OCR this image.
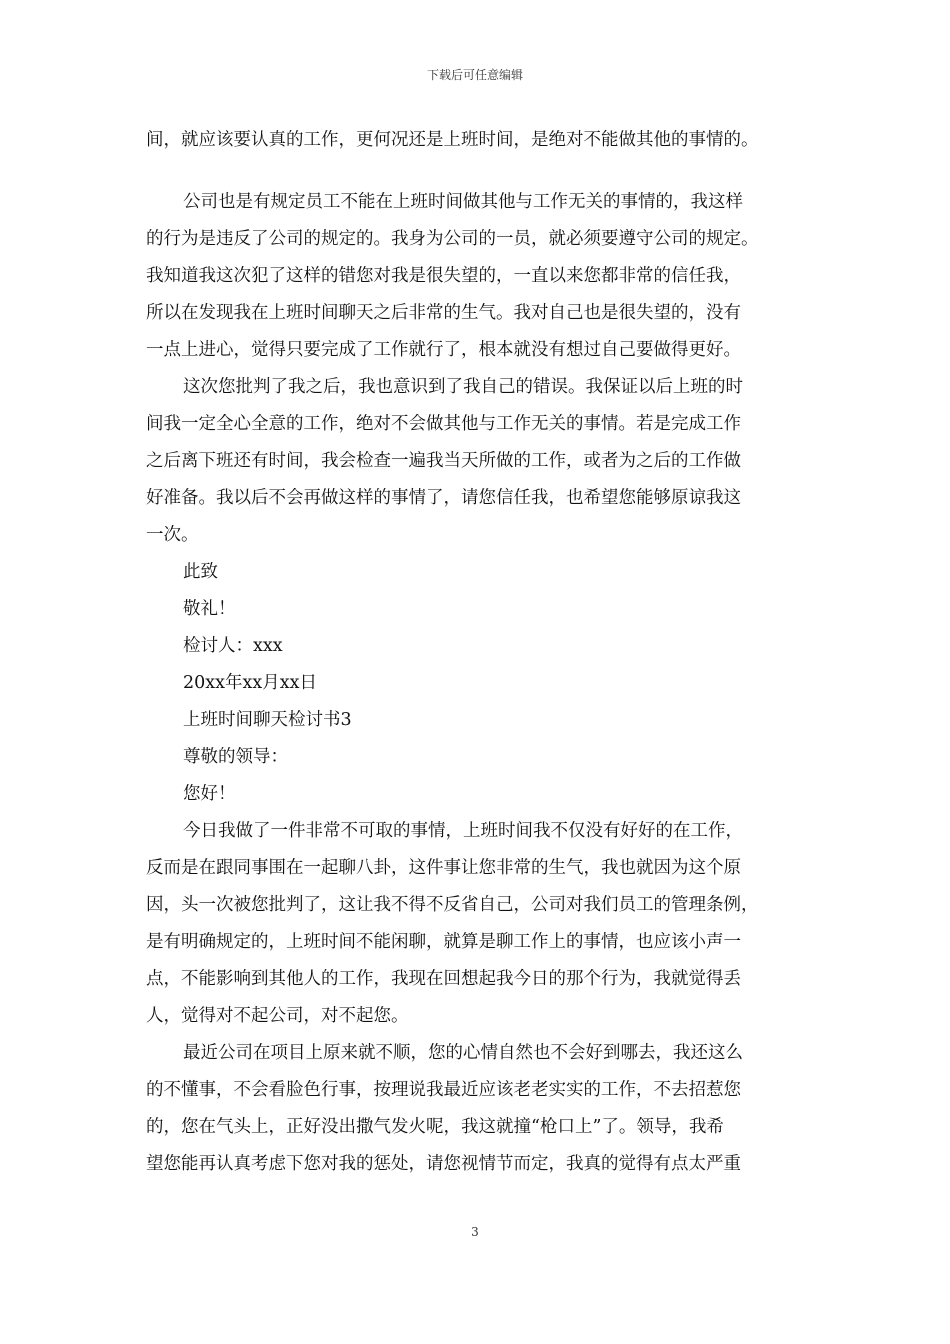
下载后可任意编辑
间，就应该要认真的工作，更何况还是上班时间，是绝对不能做其他的事情的。
公司也是有规定员工不能在上班时间做其他与工作无关的事情的，我这样
的行为是违反了公司的规定的。我身为公司的一员，就必须要遵守公司的规定。
我知道我这次犯了这样的错您对我是很失望的，一直以来您都非常的信任我，
所以在发现我在上班时间聊天之后非常的生气。我对自己也是很失望的，没有
一点上进心，觉得只要完成了工作就行了，根本就没有想过自己要做得更好。
这次您批判了我之后，我也意识到了我自己的错误。我保证以后上班的时
间我一定全心全意的工作，绝对不会做其他与工作无关的事情。若是完成工作
之后离下班还有时间，我会检查一遍我当天所做的工作，或者为之后的工作做
好准备。我以后不会再做这样的事情了，请您信任我，也希望您能够原谅我这
一次。
此致
敬礼！
检讨人：xxx
20xx年xx月xx日
上班时间聊天检讨书3
尊敬的领导：
您好！
今日我做了一件非常不可取的事情，上班时间我不仅没有好好的在工作，
反而是在跟同事围在一起聊八卦，这件事让您非常的生气，我也就因为这个原
因，头一次被您批判了，这让我不得不反省自己，公司对我们员工的管理条例，
是有明确规定的，上班时间不能闲聊，就算是聊工作上的事情，也应该小声一
点，不能影响到其他人的工作，我现在回想起我今日的那个行为，我就觉得丢
人，觉得对不起公司，对不起您。
最近公司在项目上原来就不顺，您的心情自然也不会好到哪去，我还这么
的不懂事，不会看脸色行事，按理说我最近应该老老实实的工作，不去招惹您
的，您在气头上，正好没出撒气发火呢，我这就撞“枪口上”了。领导，我希
望您能再认真考虑下您对我的惩处，请您视情节而定，我真的觉得有点太严重
3
